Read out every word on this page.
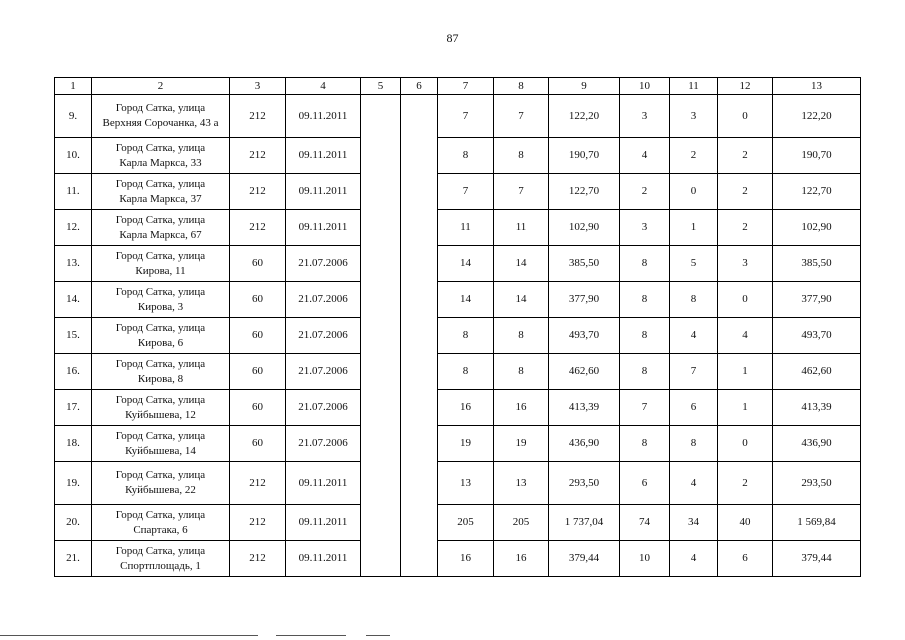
87
1	2	3	4	5	6	7	8	9	10	11	12	13
9.	Город Сатка, улица
Верхняя Сорочанка, 43 а	212	09.11.2011			7	7	122,20	3	3	0	122,20
10.	Город Сатка, улица
Карла Маркса, 33	212	09.11.2011			8	8	190,70	4	2	2	190,70
11.	Город Сатка, улица
Карла Маркса, 37	212	09.11.2011			7	7	122,70	2	0	2	122,70
12.	Город Сатка, улица
Карла Маркса, 67	212	09.11.2011			11	11	102,90	3	1	2	102,90
13.	Город Сатка, улица
Кирова, 11	60	21.07.2006			14	14	385,50	8	5	3	385,50
14.	Город Сатка, улица
Кирова, 3	60	21.07.2006			14	14	377,90	8	8	0	377,90
15.	Город Сатка, улица
Кирова, 6	60	21.07.2006			8	8	493,70	8	4	4	493,70
16.	Город Сатка, улица
Кирова, 8	60	21.07.2006			8	8	462,60	8	7	1	462,60
17.	Город Сатка, улица
Куйбышева, 12	60	21.07.2006			16	16	413,39	7	6	1	413,39
18.	Город Сатка, улица
Куйбышева, 14	60	21.07.2006			19	19	436,90	8	8	0	436,90
19.	Город Сатка, улица
Куйбышева, 22	212	09.11.2011			13	13	293,50	6	4	2	293,50
20.	Город Сатка, улица
Спартака, 6	212	09.11.2011			205	205	1 737,04	74	34	40	1 569,84
21.	Город Сатка, улица
Спортплощадь, 1	212	09.11.2011			16	16	379,44	10	4	6	379,44
